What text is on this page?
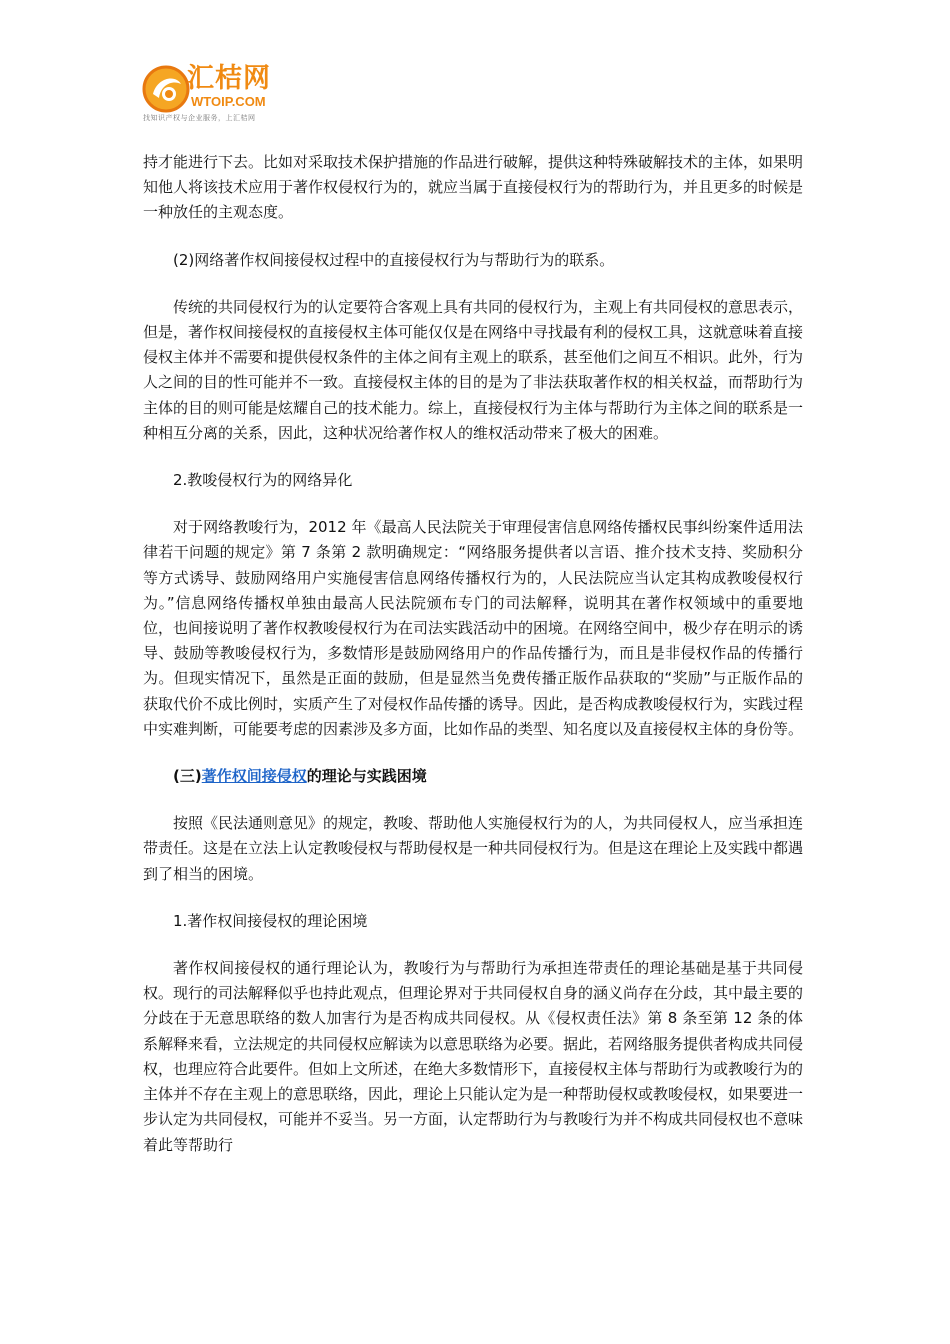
汇桔网
WTOIP.COM
找知识产权与企业服务，上汇桔网

持才能进行下去。比如对采取技术保护措施的作品进行破解，提供这种特殊破解技术的主体，如果明知他人将该技术应用于著作权侵权行为的，就应当属于直接侵权行为的帮助行为，并且更多的时候是一种放任的主观态度。

(2)网络著作权间接侵权过程中的直接侵权行为与帮助行为的联系。

传统的共同侵权行为的认定要符合客观上具有共同的侵权行为，主观上有共同侵权的意思表示，但是，著作权间接侵权的直接侵权主体可能仅仅是在网络中寻找最有利的侵权工具，这就意味着直接侵权主体并不需要和提供侵权条件的主体之间有主观上的联系，甚至他们之间互不相识。此外，行为人之间的目的性可能并不一致。直接侵权主体的目的是为了非法获取著作权的相关权益，而帮助行为主体的目的则可能是炫耀自己的技术能力。综上，直接侵权行为主体与帮助行为主体之间的联系是一种相互分离的关系，因此，这种状况给著作权人的维权活动带来了极大的困难。

2.教唆侵权行为的网络异化

对于网络教唆行为，2012 年《最高人民法院关于审理侵害信息网络传播权民事纠纷案件适用法律若干问题的规定》第 7 条第 2 款明确规定：“网络服务提供者以言语、推介技术支持、奖励积分等方式诱导、鼓励网络用户实施侵害信息网络传播权行为的，人民法院应当认定其构成教唆侵权行为。”信息网络传播权单独由最高人民法院颁布专门的司法解释，说明其在著作权领域中的重要地位，也间接说明了著作权教唆侵权行为在司法实践活动中的困境。在网络空间中，极少存在明示的诱导、鼓励等教唆侵权行为，多数情形是鼓励网络用户的作品传播行为，而且是非侵权作品的传播行为。但现实情况下，虽然是正面的鼓励，但是显然当免费传播正版作品获取的“奖励”与正版作品的获取代价不成比例时，实质产生了对侵权作品传播的诱导。因此，是否构成教唆侵权行为，实践过程中实难判断，可能要考虑的因素涉及多方面，比如作品的类型、知名度以及直接侵权主体的身份等。

(三)著作权间接侵权的理论与实践困境

按照《民法通则意见》的规定，教唆、帮助他人实施侵权行为的人，为共同侵权人，应当承担连带责任。这是在立法上认定教唆侵权与帮助侵权是一种共同侵权行为。但是这在理论上及实践中都遇到了相当的困境。

1.著作权间接侵权的理论困境

著作权间接侵权的通行理论认为，教唆行为与帮助行为承担连带责任的理论基础是基于共同侵权。现行的司法解释似乎也持此观点，但理论界对于共同侵权自身的涵义尚存在分歧，其中最主要的分歧在于无意思联络的数人加害行为是否构成共同侵权。从《侵权责任法》第 8 条至第 12 条的体系解释来看，立法规定的共同侵权应解读为以意思联络为必要。据此，若网络服务提供者构成共同侵权，也理应符合此要件。但如上文所述，在绝大多数情形下，直接侵权主体与帮助行为或教唆行为的主体并不存在主观上的意思联络，因此，理论上只能认定为是一种帮助侵权或教唆侵权，如果要进一步认定为共同侵权，可能并不妥当。另一方面，认定帮助行为与教唆行为并不构成共同侵权也不意味着此等帮助行
